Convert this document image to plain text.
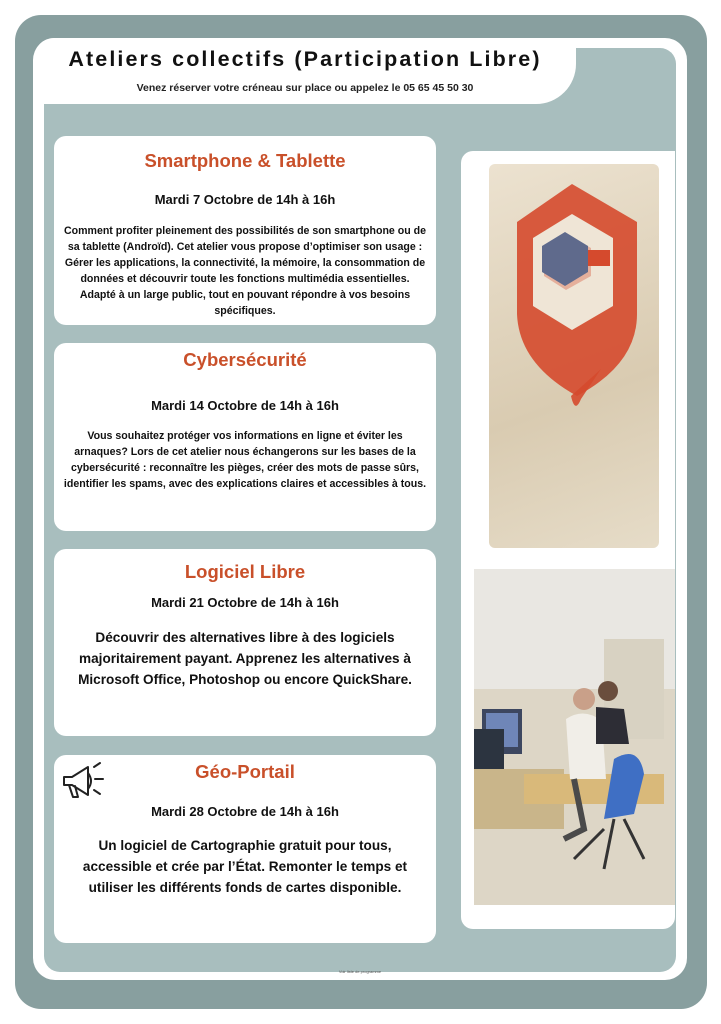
Ateliers collectifs (Participation Libre)
Venez réserver votre créneau sur place ou appelez le 05 65 45 50 30
Smartphone & Tablette
Mardi 7 Octobre de 14h à 16h
Comment profiter pleinement des possibilités de son smartphone ou de sa tablette (Androïd). Cet atelier vous propose d’optimiser son usage : Gérer les applications, la connectivité, la mémoire, la consommation de données et découvrir toute les fonctions multimédia essentielles. Adapté à un large public, tout en pouvant répondre à vos besoins spécifiques.
Cybersécurité
Mardi 14 Octobre de 14h à 16h
Vous souhaitez protéger vos informations en ligne et éviter les arnaques? Lors de cet atelier nous échangerons sur les bases de la cybersécurité : reconnaître les pièges, créer des mots de passe sûrs, identifier les spams, avec des explications claires et accessibles à tous.
Logiciel Libre
Mardi 21 Octobre de 14h à 16h
Découvrir des alternatives libre à des logiciels majoritairement payant. Apprenez les alternatives à Microsoft Office, Photoshop ou encore QuickShare.
Géo-Portail
Mardi 28 Octobre de 14h à 16h
Un logiciel de Cartographie gratuit pour tous, accessible et crée par l’État. Remonter le temps et utiliser les différents fonds de cartes disponible.
Voir liste de programme
